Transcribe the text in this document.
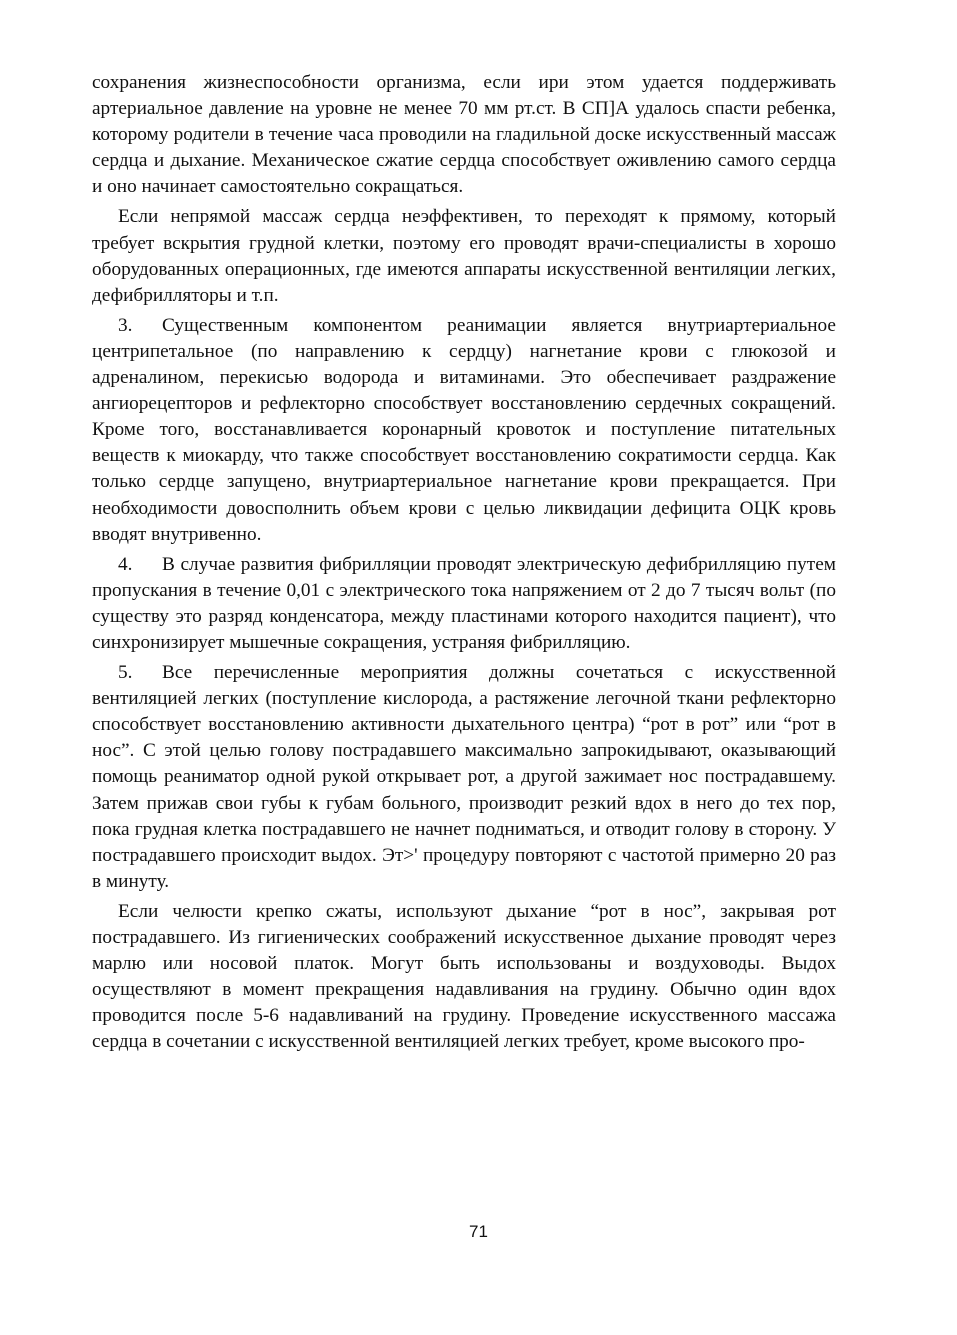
сохранения жизнеспособности организма, если ири этом удается поддерживать артериальное давление на уровне не менее 70 мм рт.ст. В СП]А удалось спасти ребенка, которому родители в течение часа проводили на гладильной доске искусственный массаж сердца и дыхание. Механическое сжатие сердца способствует оживлению самого сердца и оно начинает самостоятельно сокращаться.

Если непрямой массаж сердца неэффективен, то переходят к прямому, который требует вскрытия грудной клетки, поэтому его проводят врачи-специалисты в хорошо оборудованных операционных, где имеются аппараты искусственной вентиляции легких, дефибрилляторы и т.п.

3. Существенным компонентом реанимации является внутриартериальное центрипетальное (по направлению к сердцу) нагнетание крови с глюкозой и адреналином, перекисью водорода и витаминами. Это обеспечивает раздражение ангиорецепторов и рефлекторно способствует восстановлению сердечных сокращений. Кроме того, восстанавливается коронарный кровоток и поступление питательных веществ к миокарду, что также способствует восстановлению сократимости сердца. Как только сердце запущено, внутриартериальное нагнетание крови прекращается. При необходимости довосполнить объем крови с целью ликвидации дефицита ОЦК кровь вводят внутривенно.

4. В случае развития фибрилляции проводят электрическую дефибрилляцию путем пропускания в течение 0,01 с электрического тока напряжением от 2 до 7 тысяч вольт (по существу это разряд конденсатора, между пластинами которого находится пациент), что синхронизирует мышечные сокращения, устраняя фибрилляцию.

5. Все перечисленные мероприятия должны сочетаться с искусственной вентиляцией легких (поступление кислорода, а растяжение легочной ткани рефлекторно способствует восстановлению активности дыхательного центра) “рот в рот” или “рот в нос”. С этой целью голову пострадавшего максимально запрокидывают, оказывающий помощь реаниматор одной рукой открывает рот, а другой зажимает нос пострадавшему. Затем прижав свои губы к губам больного, производит резкий вдох в него до тех пор, пока грудная клетка пострадавшего не начнет подниматься, и отводит голову в сторону. У пострадавшего происходит выдох. Эт>' процедуру повторяют с частотой примерно 20 раз в минуту.

Если челюсти крепко сжаты, используют дыхание “рот в нос”, закрывая рот пострадавшего. Из гигиенических соображений искусственное дыхание проводят через марлю или носовой платок. Могут быть использованы и воздуховоды. Выдох осуществляют в момент прекращения надавливания на грудину. Обычно один вдох проводится после 5-6 надавливаний на грудину. Проведение искусственного массажа сердца в сочетании с искусственной вентиляцией легких требует, кроме высокого про-

71
